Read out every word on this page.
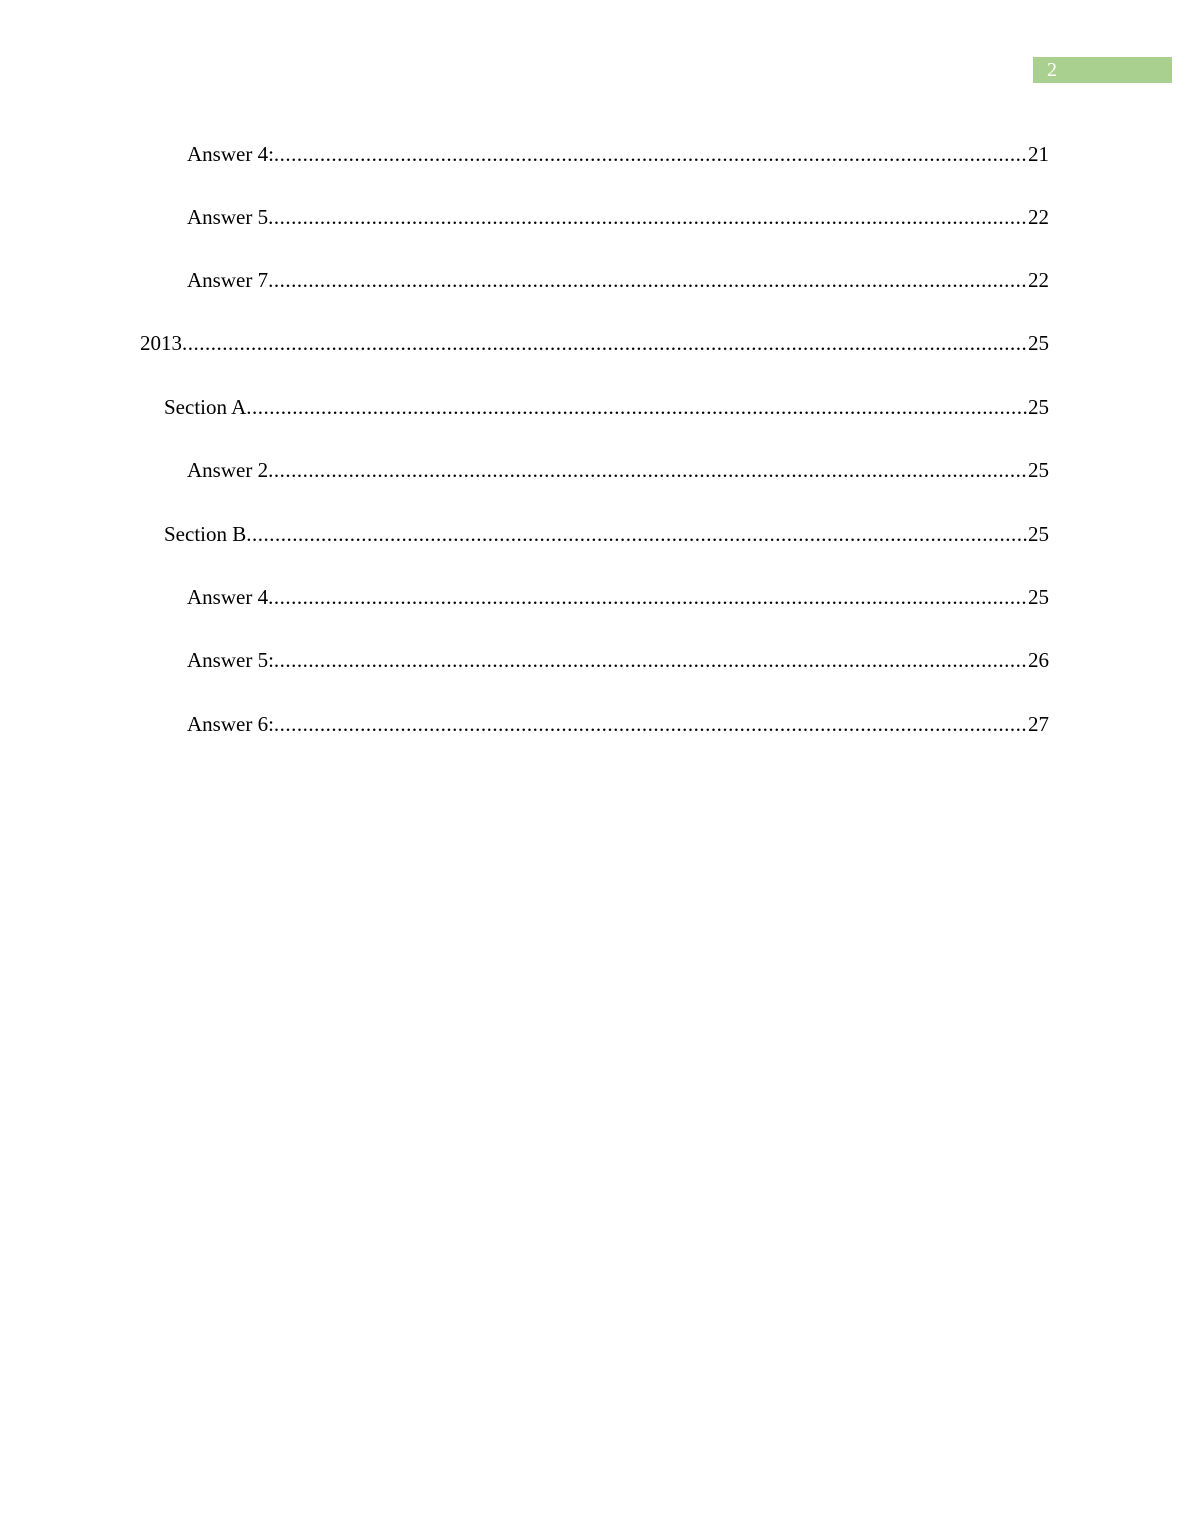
2
Answer 4: .....	21
Answer 5 .....	22
Answer 7 .....	22
2013 .....	25
Section A .....	25
Answer 2 .....	25
Section B .....	25
Answer 4 .....	25
Answer 5: .....	26
Answer 6: .....	27
